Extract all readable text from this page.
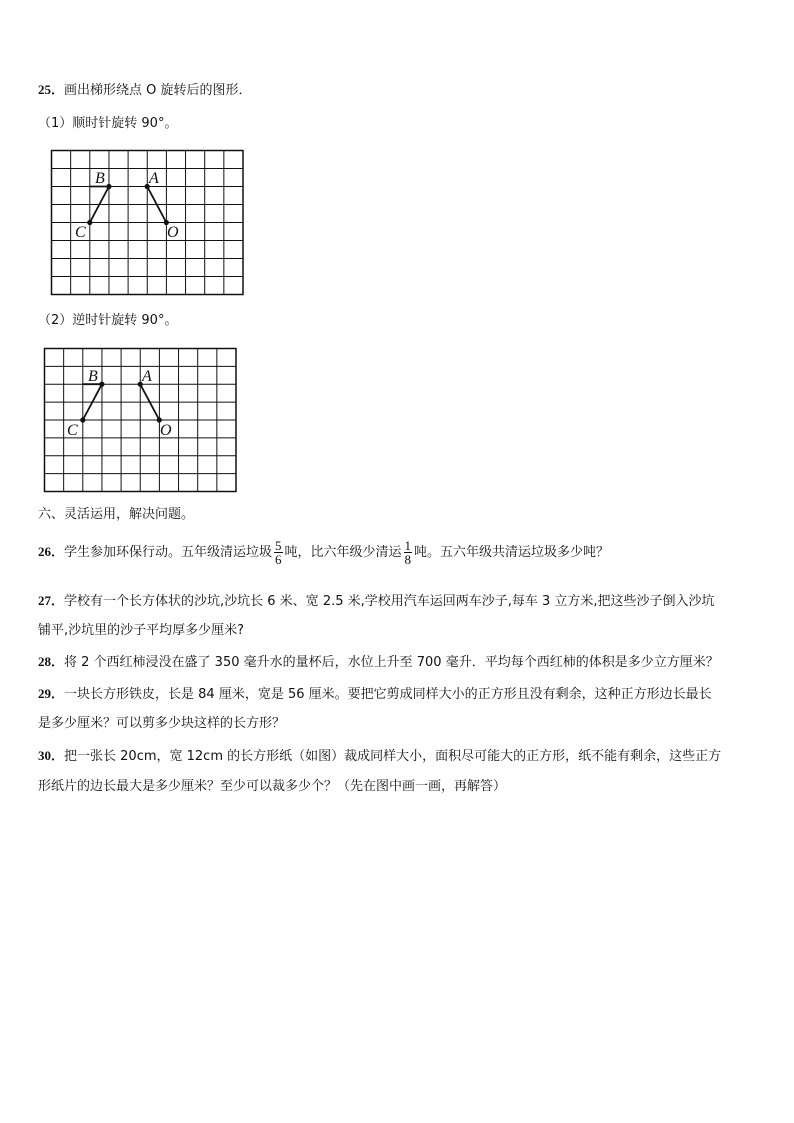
25．画出梯形绕点 O 旋转后的图形．
（1）顺时针旋转 90°。
B	A
C	O
（2）逆时针旋转 90°。
B	A
C	O
六、灵活运用，解决问题。
26．学生参加环保行动。五年级清运垃圾 $\frac{5}{6}$ 吨，比六年级少清运 $\frac{1}{8}$ 吨。五六年级共清运垃圾多少吨？
27．学校有一个长方体状的沙坑,沙坑长 6 米、宽 2.5 米,学校用汽车运回两车沙子,每车 3 立方米,把这些沙子倒入沙坑
铺平,沙坑里的沙子平均厚多少厘米?
28．将 2 个西红柿浸没在盛了 350 毫升水的量杯后，水位上升至 700 毫升．平均每个西红柿的体积是多少立方厘米？
29．一块长方形铁皮，长是 84 厘米，宽是 56 厘米。要把它剪成同样大小的正方形且没有剩余，这种正方形边长最长
是多少厘米？可以剪多少块这样的长方形？
30．把一张长 20cm，宽 12cm 的长方形纸（如图）裁成同样大小，面积尽可能大的正方形，纸不能有剩余，这些正方
形纸片的边长最大是多少厘米？至少可以裁多少个？（先在图中画一画，再解答）
